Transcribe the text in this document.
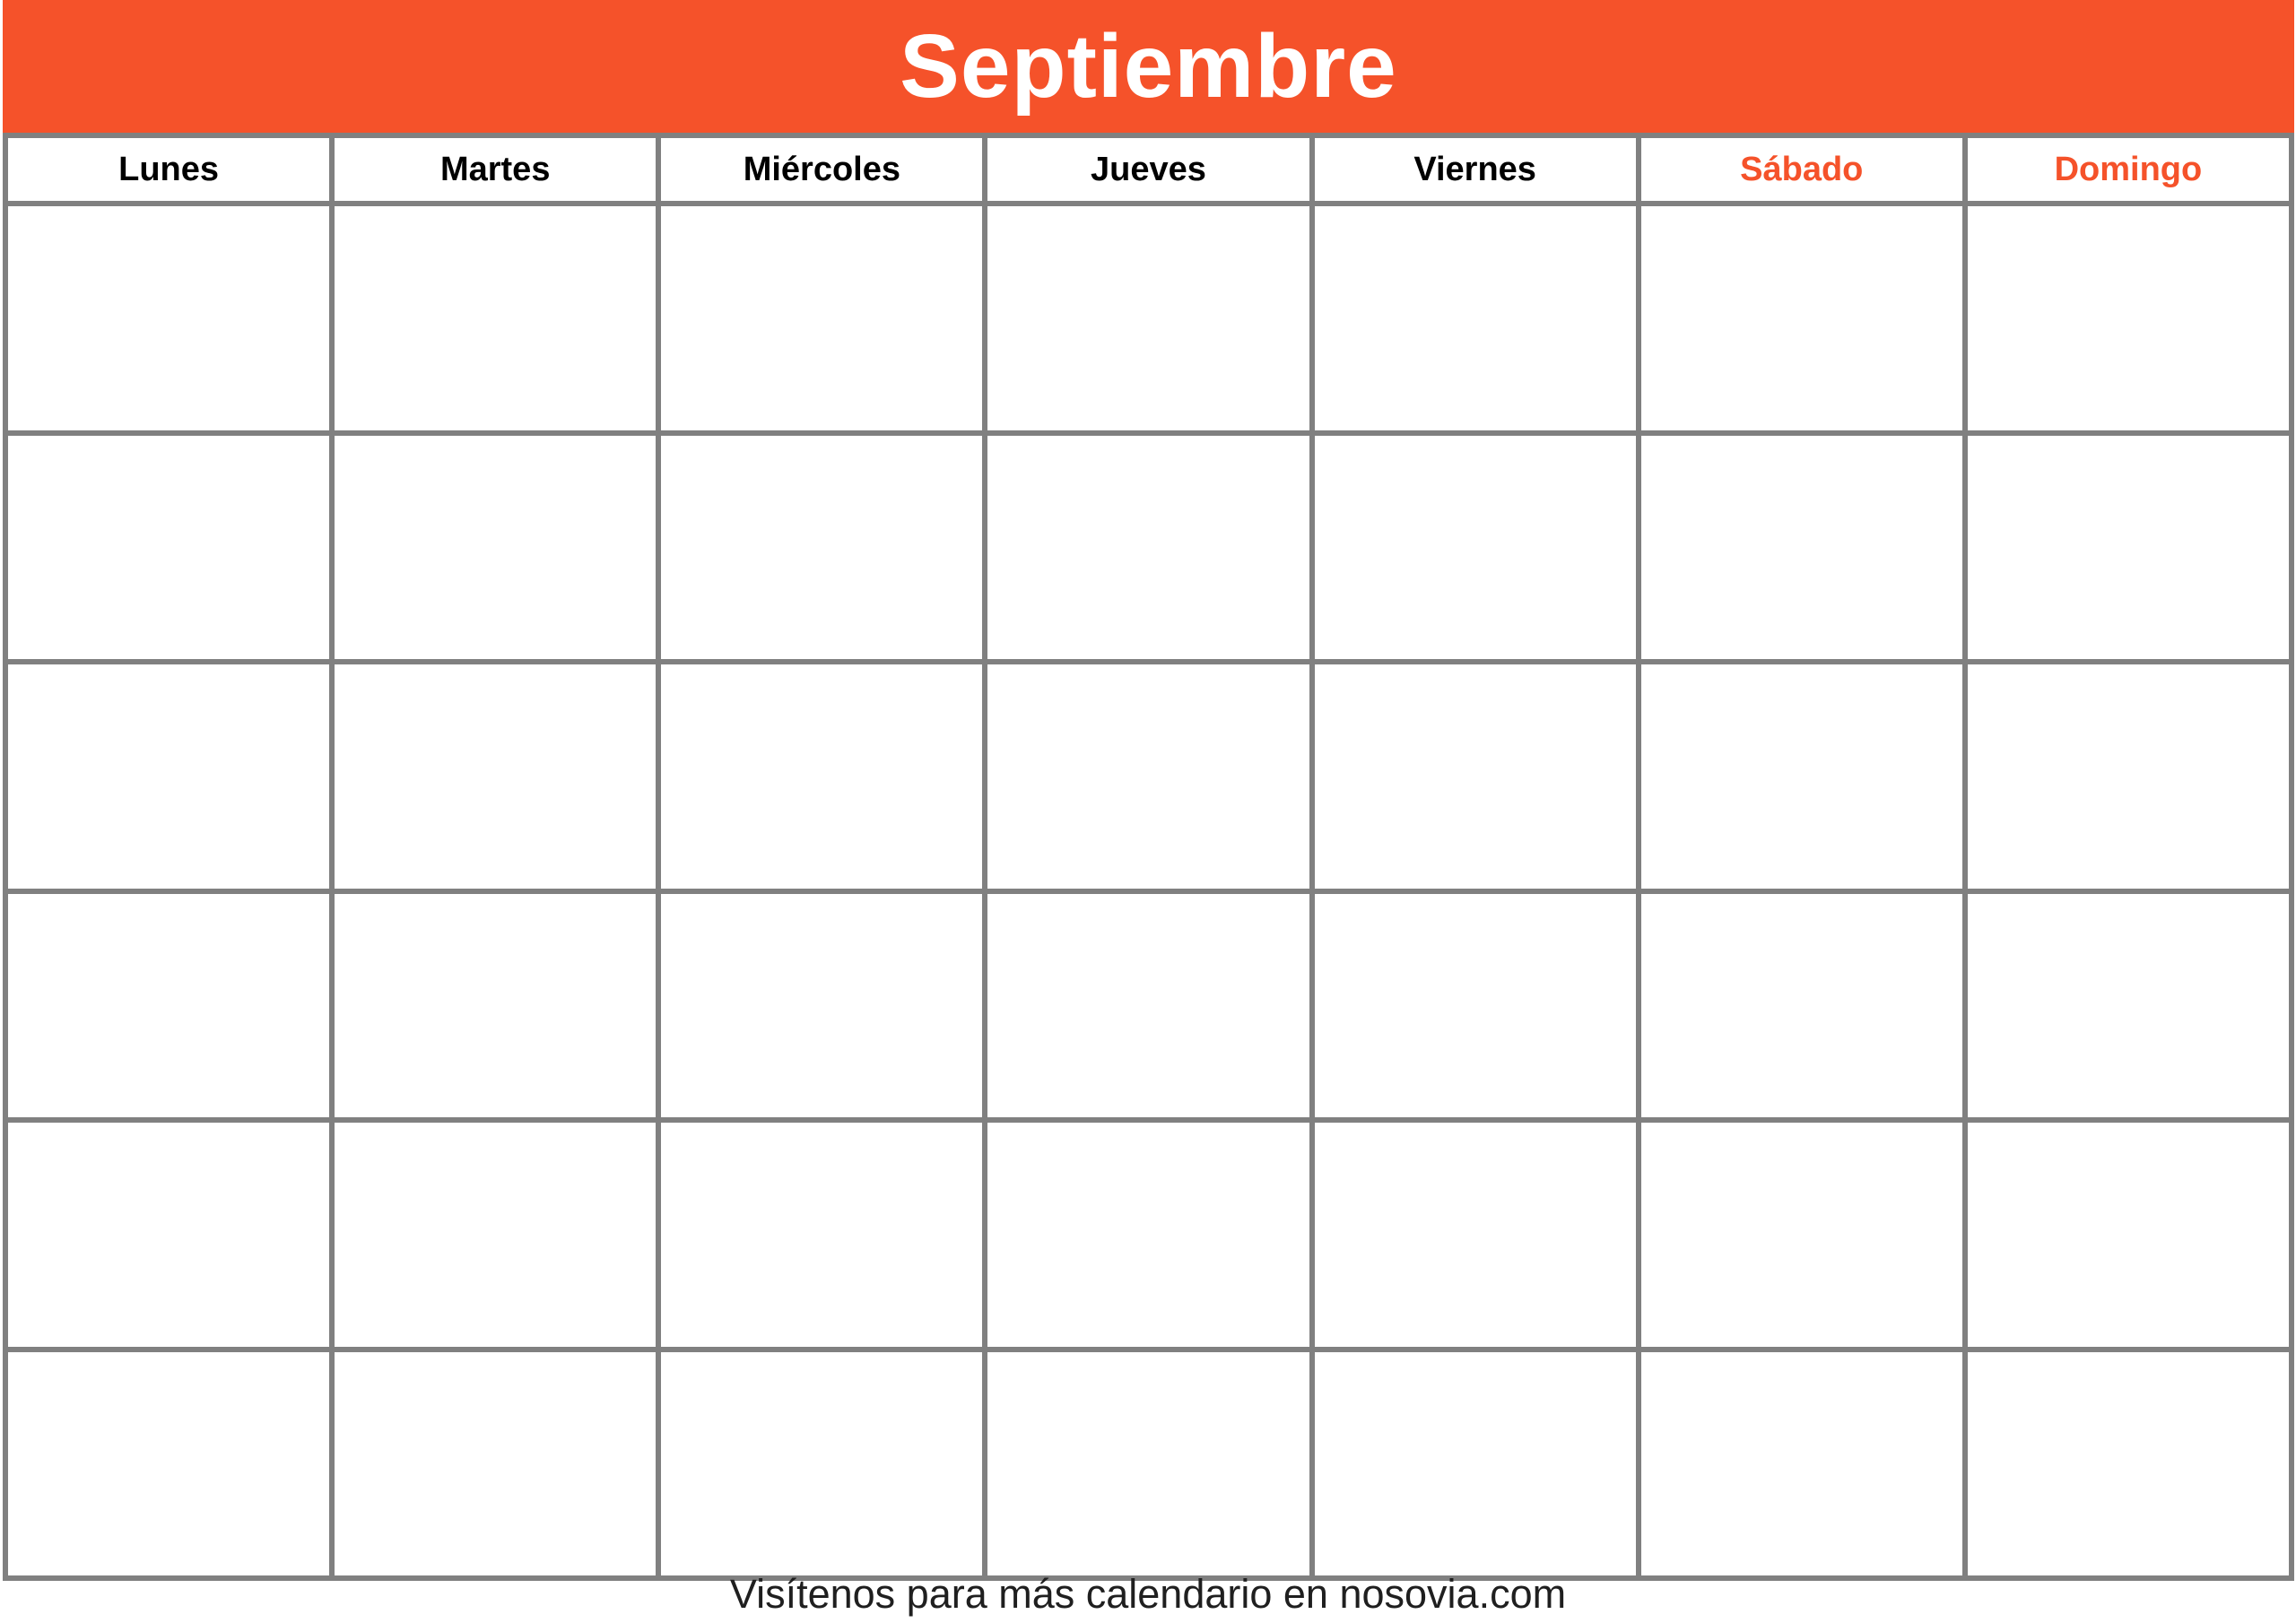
Septiembre
Lunes	Martes	Miércoles	Jueves	Viernes	Sábado	Domingo
Visítenos para más calendario en nosovia.com
